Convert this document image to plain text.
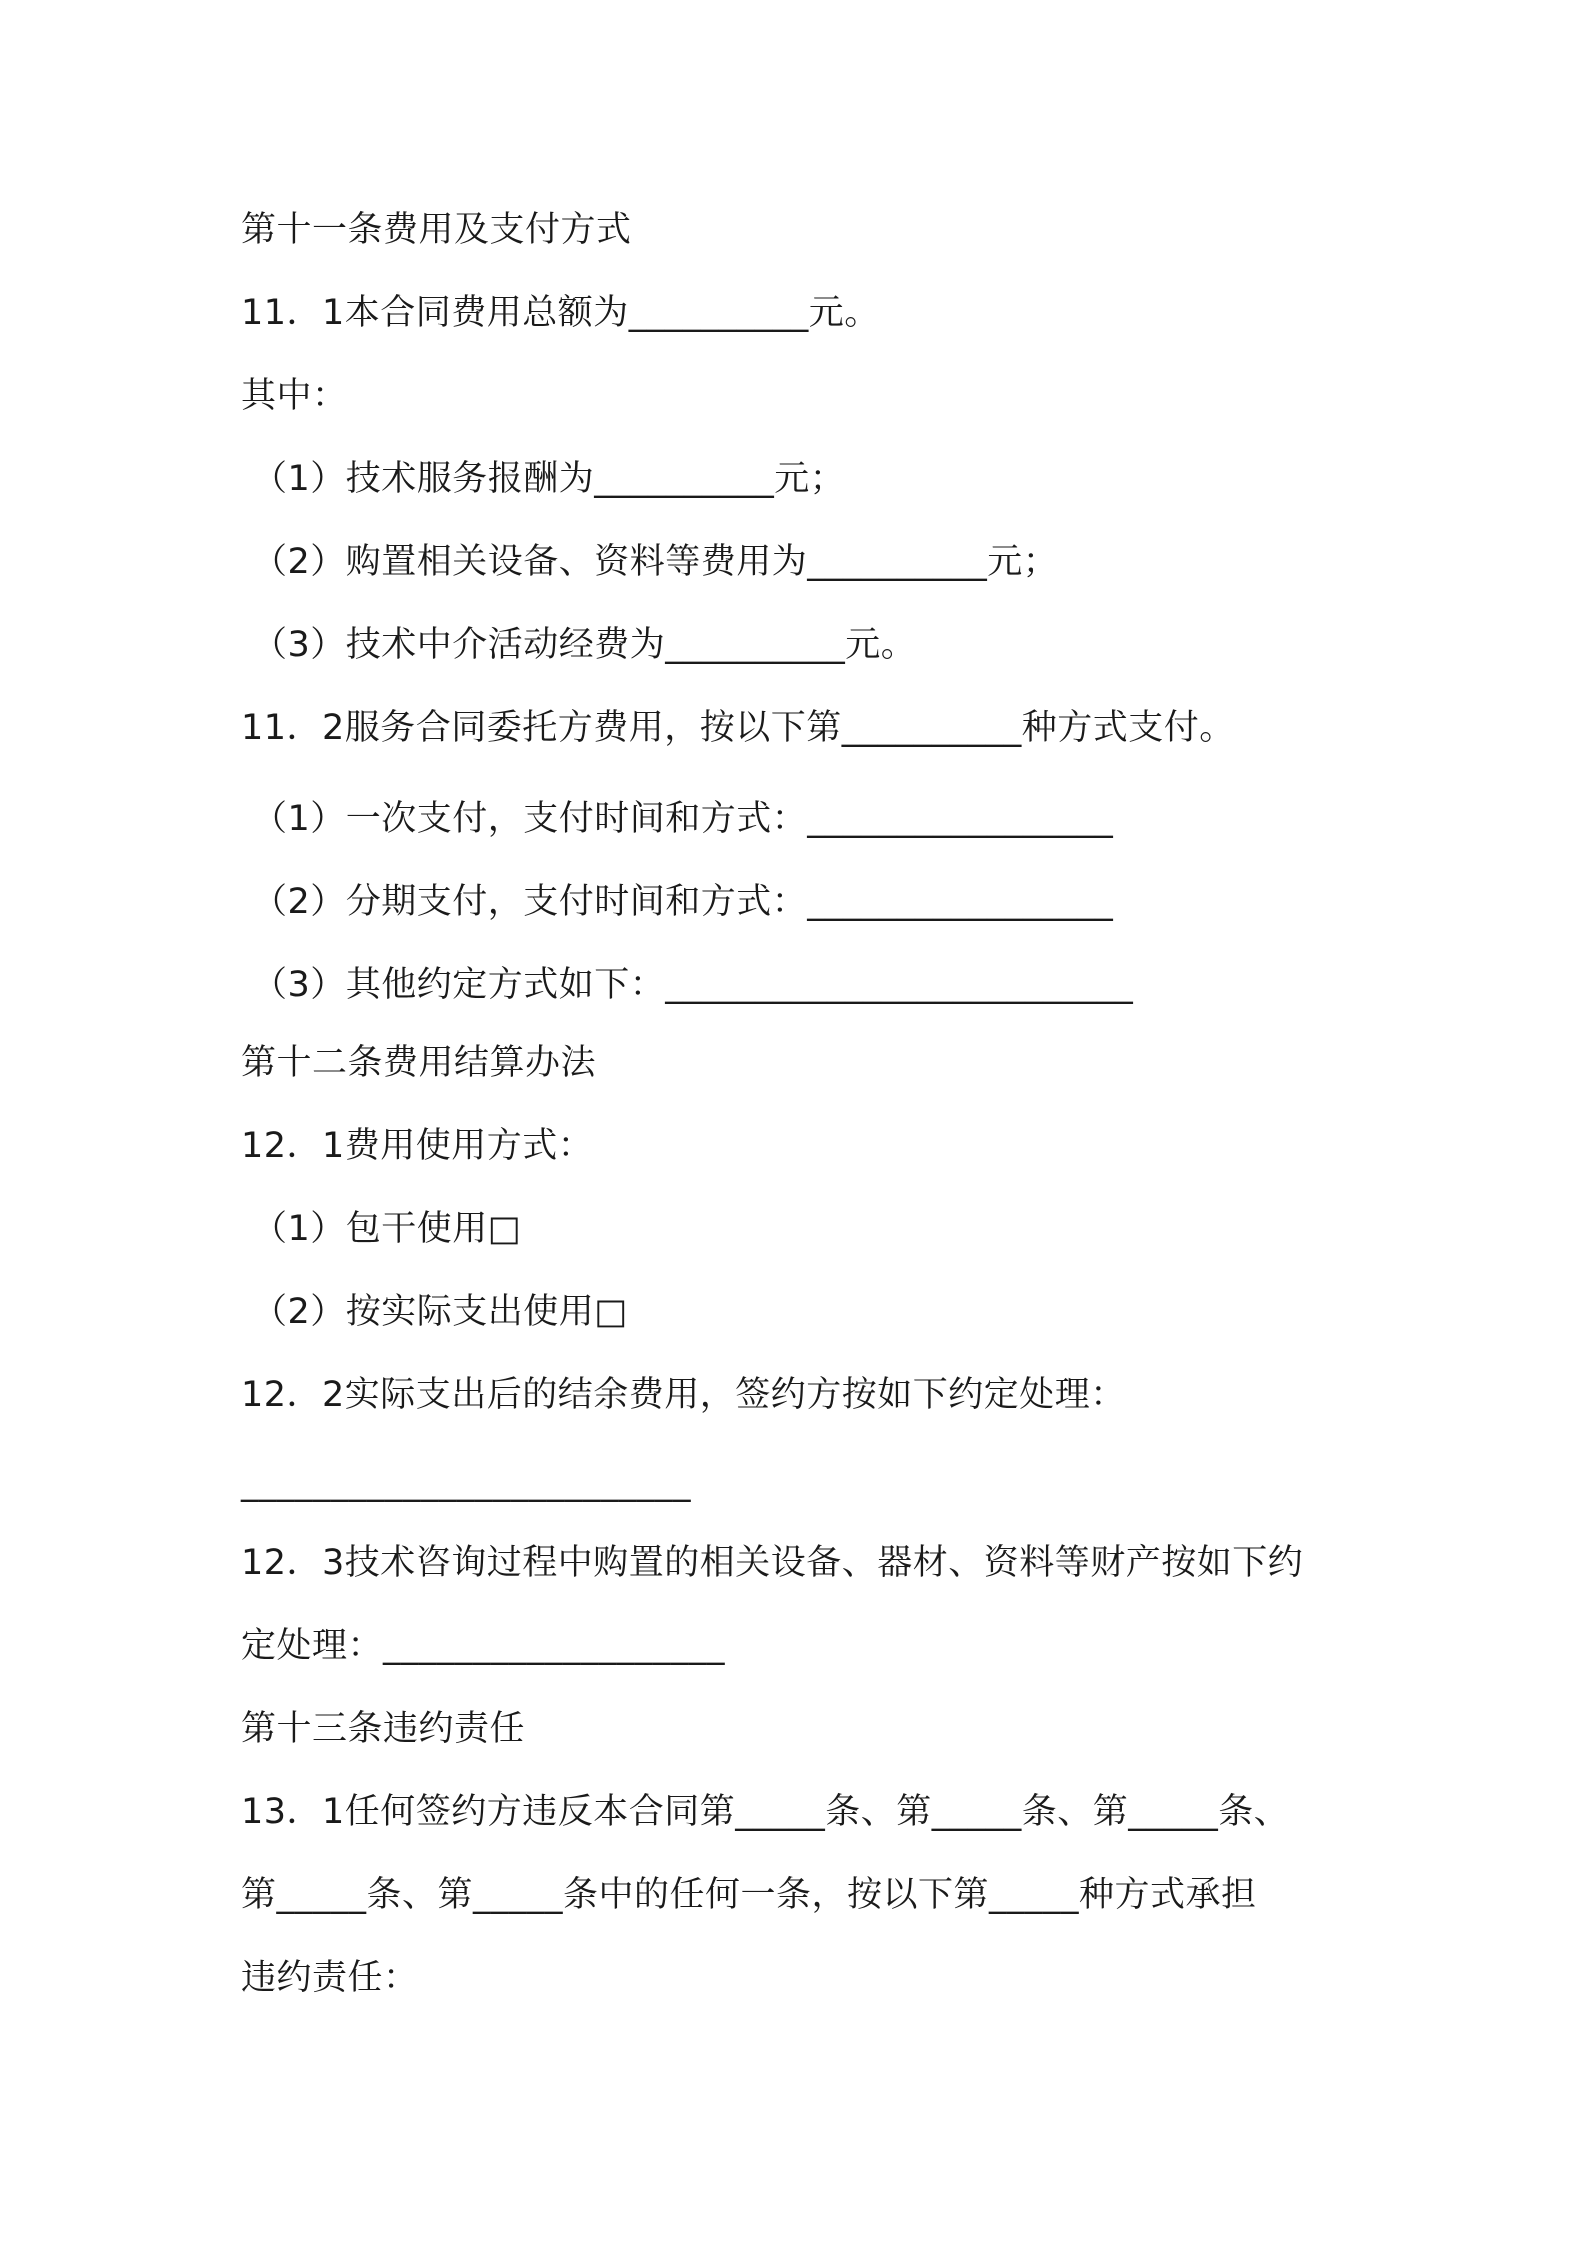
第十一条费用及支付方式
11．1本合同费用总额为__________元。
其中：
（1）技术服务报酬为__________元；
（2）购置相关设备、资料等费用为__________元；
（3）技术中介活动经费为__________元。
11．2服务合同委托方费用，按以下第__________种方式支付。
（1）一次支付，支付时间和方式：_________________
（2）分期支付，支付时间和方式：_________________
（3）其他约定方式如下：__________________________
第十二条费用结算办法
12．1费用使用方式：
（1）包干使用□
（2）按实际支出使用□
12．2实际支出后的结余费用，签约方按如下约定处理：
_________________________
12．3技术咨询过程中购置的相关设备、器材、资料等财产按如下约
定处理：___________________
第十三条违约责任
13．1任何签约方违反本合同第_____条、第_____条、第_____条、
第_____条、第_____条中的任何一条，按以下第_____种方式承担
违约责任：
